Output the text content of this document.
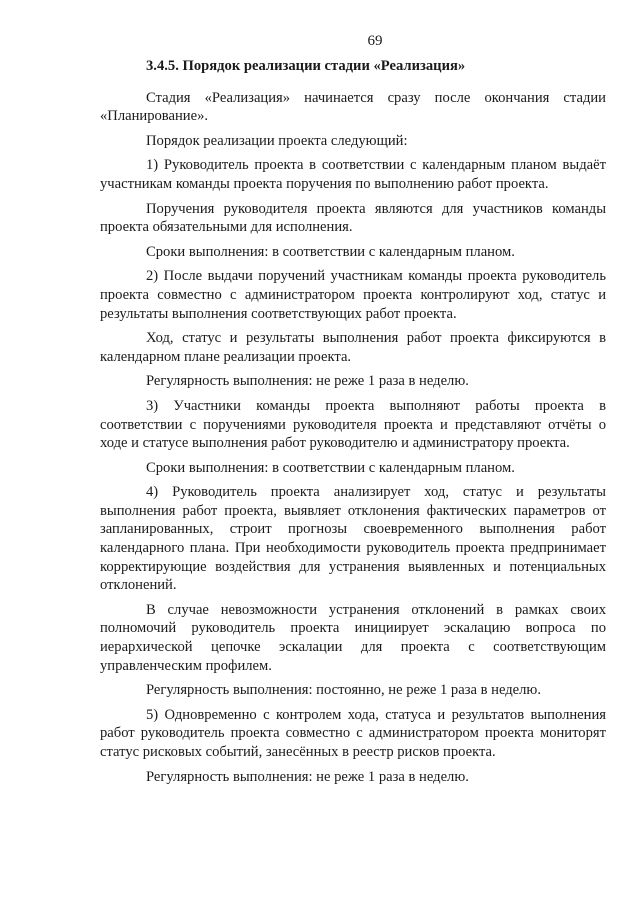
69

3.4.5. Порядок реализации стадии «Реализация»

Стадия «Реализация» начинается сразу после окончания стадии «Планирование».

Порядок реализации проекта следующий:

1) Руководитель проекта в соответствии с календарным планом выдаёт участникам команды проекта поручения по выполнению работ проекта.

Поручения руководителя проекта являются для участников команды проекта обязательными для исполнения.

Сроки выполнения: в соответствии с календарным планом.

2) После выдачи поручений участникам команды проекта руководитель проекта совместно с администратором проекта контролируют ход, статус и результаты выполнения соответствующих работ проекта.

Ход, статус и результаты выполнения работ проекта фиксируются в календарном плане реализации проекта.

Регулярность выполнения: не реже 1 раза в неделю.

3) Участники команды проекта выполняют работы проекта в соответствии с поручениями руководителя проекта и представляют отчёты о ходе и статусе выполнения работ руководителю и администратору проекта.

Сроки выполнения: в соответствии с календарным планом.

4) Руководитель проекта анализирует ход, статус и результаты выполнения работ проекта, выявляет отклонения фактических параметров от запланированных, строит прогнозы своевременного выполнения работ календарного плана. При необходимости руководитель проекта предпринимает корректирующие воздействия для устранения выявленных и потенциальных отклонений.

В случае невозможности устранения отклонений в рамках своих полномочий руководитель проекта инициирует эскалацию вопроса по иерархической цепочке эскалации для проекта с соответствующим управленческим профилем.

Регулярность выполнения: постоянно, не реже 1 раза в неделю.

5) Одновременно с контролем хода, статуса и результатов выполнения работ руководитель проекта совместно с администратором проекта мониторят статус рисковых событий, занесённых в реестр рисков проекта.

Регулярность выполнения: не реже 1 раза в неделю.
